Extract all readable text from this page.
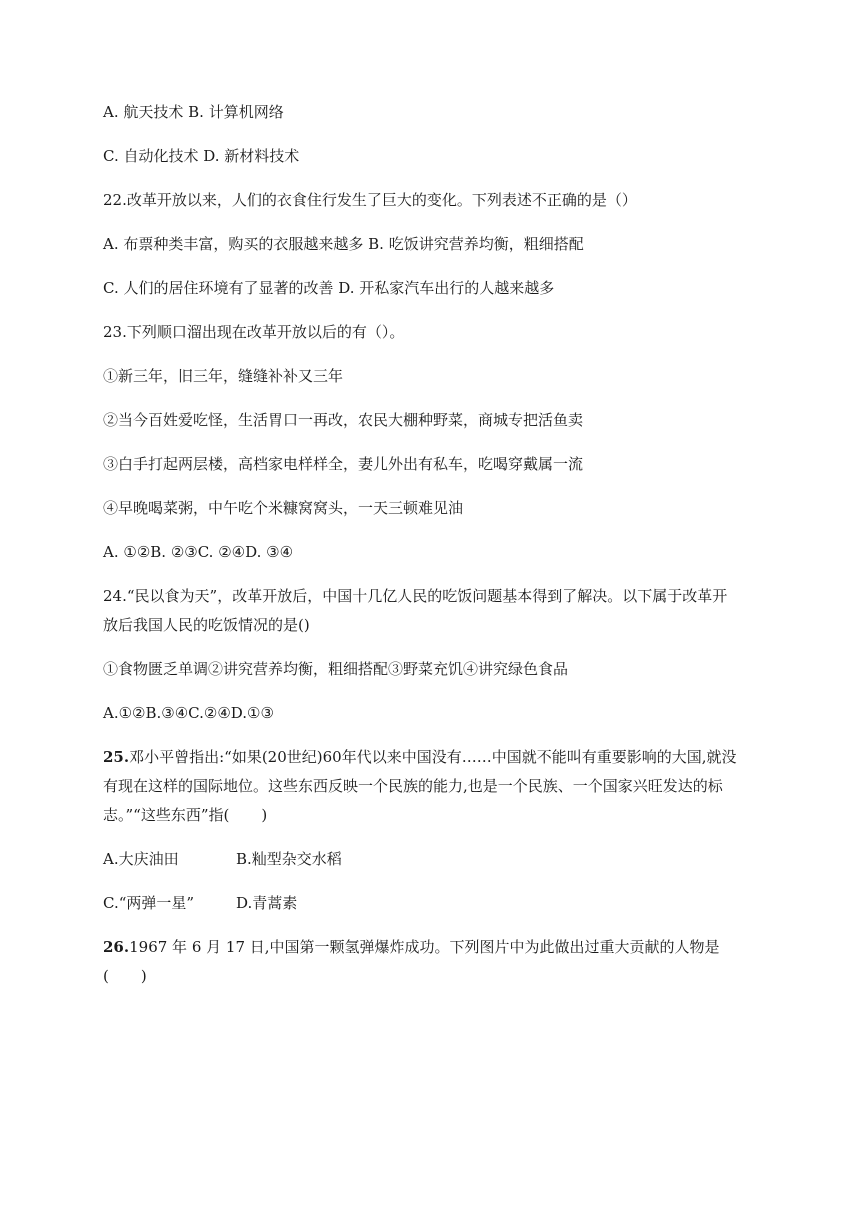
A. 航天技术 B. 计算机网络
C. 自动化技术 D. 新材料技术
22.改革开放以来，人们的衣食住行发生了巨大的变化。下列表述不正确的是（）
A. 布票种类丰富，购买的衣服越来越多 B. 吃饭讲究营养均衡，粗细搭配
C. 人们的居住环境有了显著的改善 D. 开私家汽车出行的人越来越多
23.下列顺口溜出现在改革开放以后的有（）。
①新三年，旧三年，缝缝补补又三年
②当今百姓爱吃怪，生活胃口一再改，农民大棚种野菜，商城专把活鱼卖
③白手打起两层楼，高档家电样样全，妻儿外出有私车，吃喝穿戴属一流
④早晚喝菜粥，中午吃个米糠窝窝头，一天三顿难见油
A. ①②B. ②③C. ②④D. ③④
24.“民以食为天”，改革开放后，中国十几亿人民的吃饭问题基本得到了解决。以下属于改革开
放后我国人民的吃饭情况的是()
①食物匮乏单调②讲究营养均衡，粗细搭配③野菜充饥④讲究绿色食品
A.①②B.③④C.②④D.①③
25.邓小平曾指出:“如果(20世纪)60年代以来中国没有……中国就不能叫有重要影响的大国,就没
有现在这样的国际地位。这些东西反映一个民族的能力,也是一个民族、一个国家兴旺发达的标
志。”“这些东西”指( )
A.大庆油田	B.籼型杂交水稻
C.“两弹一星”	D.青蒿素
26.1967 年 6 月 17 日,中国第一颗氢弹爆炸成功。下列图片中为此做出过重大贡献的人物是
( )
